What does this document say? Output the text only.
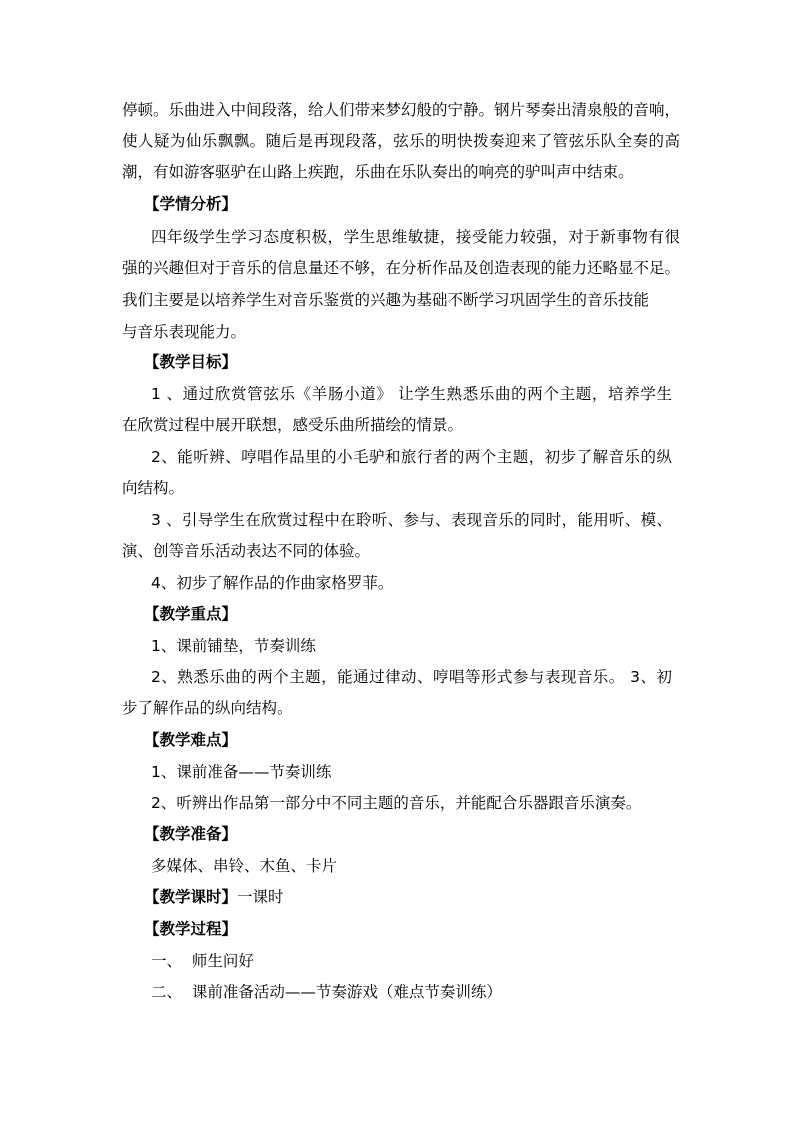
停顿。乐曲进入中间段落，给人们带来梦幻般的宁静。钢片琴奏出清泉般的音响，
使人疑为仙乐飘飘。随后是再现段落，弦乐的明快拨奏迎来了管弦乐队全奏的高
潮，有如游客驱驴在山路上疾跑，乐曲在乐队奏出的响亮的驴叫声中结束。
【学情分析】
四年级学生学习态度积极，学生思维敏捷，接受能力较强，对于新事物有很
强的兴趣但对于音乐的信息量还不够，在分析作品及创造表现的能力还略显不足。
我们主要是以培养学生对音乐鉴赏的兴趣为基础不断学习巩固学生的音乐技能
与音乐表现能力。
【教学目标】
1 、通过欣赏管弦乐《羊肠小道》 让学生熟悉乐曲的两个主题，培养学生
在欣赏过程中展开联想，感受乐曲所描绘的情景。
2、能听辨、哼唱作品里的小毛驴和旅行者的两个主题，初步了解音乐的纵
向结构。
3 、引导学生在欣赏过程中在聆听、参与、表现音乐的同时，能用听、模、
演、创等音乐活动表达不同的体验。
4、初步了解作品的作曲家格罗菲。
【教学重点】
1、课前铺垫，节奏训练
2、熟悉乐曲的两个主题，能通过律动、哼唱等形式参与表现音乐。 3、初
步了解作品的纵向结构。
【教学难点】
1、课前准备——节奏训练
2、听辨出作品第一部分中不同主题的音乐，并能配合乐器跟音乐演奏。
【教学准备】
多媒体、串铃、木鱼、卡片
【教学课时】一课时
【教学过程】
一、  师生问好
二、  课前准备活动——节奏游戏（难点节奏训练）
